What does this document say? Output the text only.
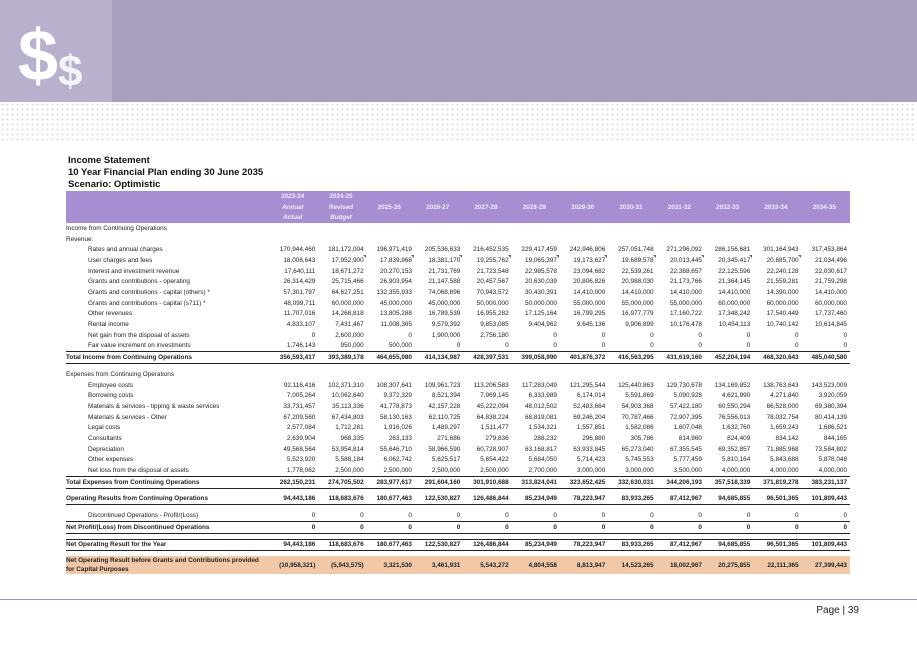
$ $
Income Statement
10 Year Financial Plan ending 30 June 2035
Scenario: Optimistic
	2023-24	2024-25										
	Annual	Revised	2025-26	2026-27	2027-28	2028-29	2029-30	2030-31	2031-32	2032-33	2033-34	2034-35
	Actual	Budget										
Income from Continuing Operations												
Revenue:												
Rates and annual charges	170,944,460	181,172,004	196,971,419	205,536,633	216,452,535	229,417,459	242,946,806	257,051,748	271,296,092	286,156,681	301,164,943	317,453,864
User charges and fees	18,006,643	17,952,900	17,839,968	18,381,170	19,255,762	19,065,397	19,173,627	19,689,578	20,013,445	20,345,417	20,685,700	21,034,496
Interest and investment revenue	17,640,111	18,671,272	20,270,153	21,731,769	21,723,548	22,985,578	23,094,682	22,539,261	22,388,657	22,125,596	22,240,128	22,030,617
Grants and contributions - operating	26,314,429	25,715,466	26,903,954	21,147,588	20,457,567	20,630,039	20,806,826	20,988,030	21,173,766	21,364,145	21,559,281	21,759,298
Grants and contributions - capital (others) *	57,301,797	64,627,251	132,355,933	74,068,896	70,943,572	30,430,391	14,410,000	14,410,000	14,410,000	14,410,000	14,390,000	14,410,000
Grants and contributions - capital (s711) *	48,099,711	60,000,000	45,000,000	45,000,000	50,000,000	50,000,000	55,000,000	55,000,000	55,000,000	60,000,000	60,000,000	60,000,000
Other revenues	11,707,016	14,268,818	13,805,288	16,789,539	16,955,282	17,125,164	16,799,295	16,977,779	17,160,722	17,348,242	17,540,449	17,737,460
Rental income	4,833,107	7,431,467	11,008,365	9,579,392	9,853,085	9,404,962	9,645,136	9,906,899	10,176,478	10,454,113	10,740,142	10,614,845
Net gain from the disposal of assets	0	2,600,000	0	1,900,000	2,756,180	0	0	0	0	0	0	0
Fair value increment on investments	1,746,143	950,000	500,000	0	0	0	0	0	0	0	0	0
Total Income from Continuing Operations	356,593,417	393,389,178	464,655,080	414,134,987	428,397,531	399,058,990	401,876,372	416,563,295	431,619,160	452,204,194	468,320,643	485,040,580

Expenses from Continuing Operations												
Employee costs	92,116,416	102,371,310	108,307,641	109,961,723	113,206,583	117,283,049	121,295,544	125,440,863	129,730,678	134,169,852	138,763,643	143,523,009
Borrowing costs	7,005,264	10,062,640	9,372,329	8,521,394	7,969,145	6,333,989	6,174,014	5,591,869	5,090,928	4,621,990	4,271,840	3,920,059
Materials & services - tipping & waste services	33,731,457	35,113,336	41,778,873	42,157,228	45,222,094	48,012,502	52,483,664	54,903,368	57,422,180	60,550,294	66,528,000	69,380,394
Materials & services - Other	67,209,560	67,434,803	58,130,163	62,110,725	64,838,224	68,819,081	69,246,204	70,787,466	72,907,395	76,556,013	78,032,754	80,414,139
Legal costs	2,577,084	1,712,281	1,916,026	1,489,297	1,511,477	1,534,321	1,557,851	1,582,086	1,607,048	1,632,760	1,659,243	1,686,521
Consultants	2,639,904	968,335	263,133	271,686	279,836	288,232	296,880	305,786	814,960	824,409	834,142	844,165
Depreciation	49,568,564	53,954,814	55,646,710	58,966,590	60,728,907	63,168,817	63,933,845	65,273,040	67,355,545	69,352,857	71,885,968	73,584,802
Other expenses	5,523,920	5,588,184	6,062,742	5,625,517	5,654,422	5,684,050	5,714,423	5,745,553	5,777,459	5,810,164	5,843,688	5,878,048
Net loss from the disposal of assets	1,778,062	2,500,000	2,500,000	2,500,000	2,500,000	2,700,000	3,000,000	3,000,000	3,500,000	4,000,000	4,000,000	4,000,000
Total Expenses from Continuing Operations	262,150,231	274,705,502	283,977,617	291,604,160	301,910,688	313,824,041	323,652,425	332,630,031	344,206,193	357,518,339	371,819,278	383,231,137

Operating Results from Continuing Operations	94,443,186	118,683,676	180,677,463	122,530,827	126,486,844	85,234,949	78,223,947	83,933,265	87,412,967	94,685,855	96,501,365	101,809,443

Discontinued Operations - Profit/(Loss)	0	0	0	0	0	0	0	0	0	0	0	0
Net Profit/(Loss) from Discontinued Operations	0	0	0	0	0	0	0	0	0	0	0	0

Net Operating Result for the Year	94,443,186	118,683,676	180,677,463	122,530,827	126,486,844	85,234,949	78,223,947	83,933,265	87,412,967	94,685,855	96,501,365	101,809,443

Net Operating Result before Grants and Contributions provided for Capital Purposes	(10,958,321)	(5,943,575)	3,321,530	3,461,931	5,543,272	4,804,558	8,813,947	14,523,265	18,002,967	20,275,855	22,111,365	27,399,443
Page | 39
